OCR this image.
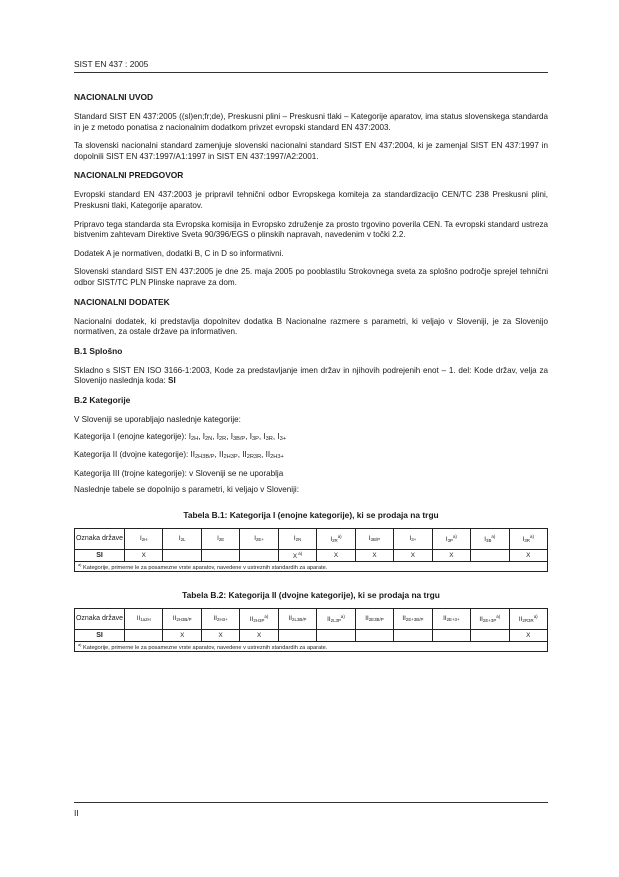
SIST EN 437 : 2005
NACIONALNI UVOD

Standard SIST EN 437:2005 ((sl)en;fr;de), Preskusni plini – Preskusni tlaki – Kategorije aparatov, ima status slovenskega standarda in je z metodo ponatisa z nacionalnim dodatkom privzet evropski standard EN 437:2003.

Ta slovenski nacionalni standard zamenjuje slovenski nacionalni standard SIST EN 437:2004, ki je zamenjal SIST EN 437:1997 in dopolnili SIST EN 437:1997/A1:1997 in SIST EN 437:1997/A2:2001.

NACIONALNI PREDGOVOR

Evropski standard EN 437:2003 je pripravil tehnični odbor Evropskega komiteja za standardizacijo CEN/TC 238 Preskusni plini, Preskusni tlaki, Kategorije aparatov.

Pripravo tega standarda sta Evropska komisija in Evropsko združenje za prosto trgovino poverila CEN. Ta evropski standard ustreza bistvenim zahtevam Direktive Sveta 90/396/EGS o plinskih napravah, navedenim v točki 2.2.

Dodatek A je normativen, dodatki B, C in D so informativni.

Slovenski standard SIST EN 437:2005 je dne 25. maja 2005 po pooblastilu Strokovnega sveta za splošno področje sprejel tehnični odbor SIST/TC PLN Plinske naprave za dom.

NACIONALNI DODATEK

Nacionalni dodatek, ki predstavlja dopolnitev dodatka B Nacionalne razmere s parametri, ki veljajo v Sloveniji, je za Slovenijo normativen, za ostale države pa informativen.

B.1 Splošno

Skladno s SIST EN ISO 3166-1:2003, Kode za predstavljanje imen držav in njihovih podrejenih enot – 1. del: Kode držav, velja za Slovenijo naslednja koda: SI

B.2 Kategorije

V Sloveniji se uporabljajo naslednje kategorije:

Kategorija I (enojne kategorije): $I_{2H}$, $I_{2N}$, $I_{2R}$, $I_{3B/P}$, $I_{3P}$, $I_{3R}$, $I_{3+}$

Kategorija II (dvojne kategorije): $II_{2H3B/P}$, $II_{2H3P}$, $II_{2R3R}$, $II_{2H3+}$

Kategorija III (trojne kategorije): v Sloveniji se ne uporablja

Naslednje tabele se dopolnijo s parametri, ki veljajo v Sloveniji:

Tabela B.1: Kategorija I (enojne kategorije), ki se prodaja na trgu
Oznaka države	$I_{2H}$	$I_{2L}$	$I_{2E}$	$I_{2E+}$	$I_{2N}$	$I_{2R}^{a)}$	$I_{3B/P}$	$I_{3+}$	$I_{3P}^{a)}$	$I_{3B}^{a)}$	$I_{3R}^{a)}$
SI	X				X $^{a)}$	X	X	X	X		X
$^{a)}$ Kategorije, primerne le za posamezne vrste aparatov, navedene v ustreznih standardih za aparate.											
Tabela B.2: Kategorija II (dvojne kategorije), ki se prodaja na trgu
Oznaka države	$II_{1a2H}$	$II_{2H3B/P}$	$II_{2H3+}$	$II_{2H3P}^{a)}$	$II_{2L3B/P}$	$II_{2L3P}^{a)}$	$II_{2E3B/P}$	$II_{2E+3B/P}$	$II_{2E+3+}$	$II_{2E+3P}^{a)}$	$II_{2R3R}^{a)}$
SI		X	X	X							X
$^{a)}$ Kategorije, primerne le za posamezne vrste aparatov, navedene v ustreznih standardih za aparate.											
II
